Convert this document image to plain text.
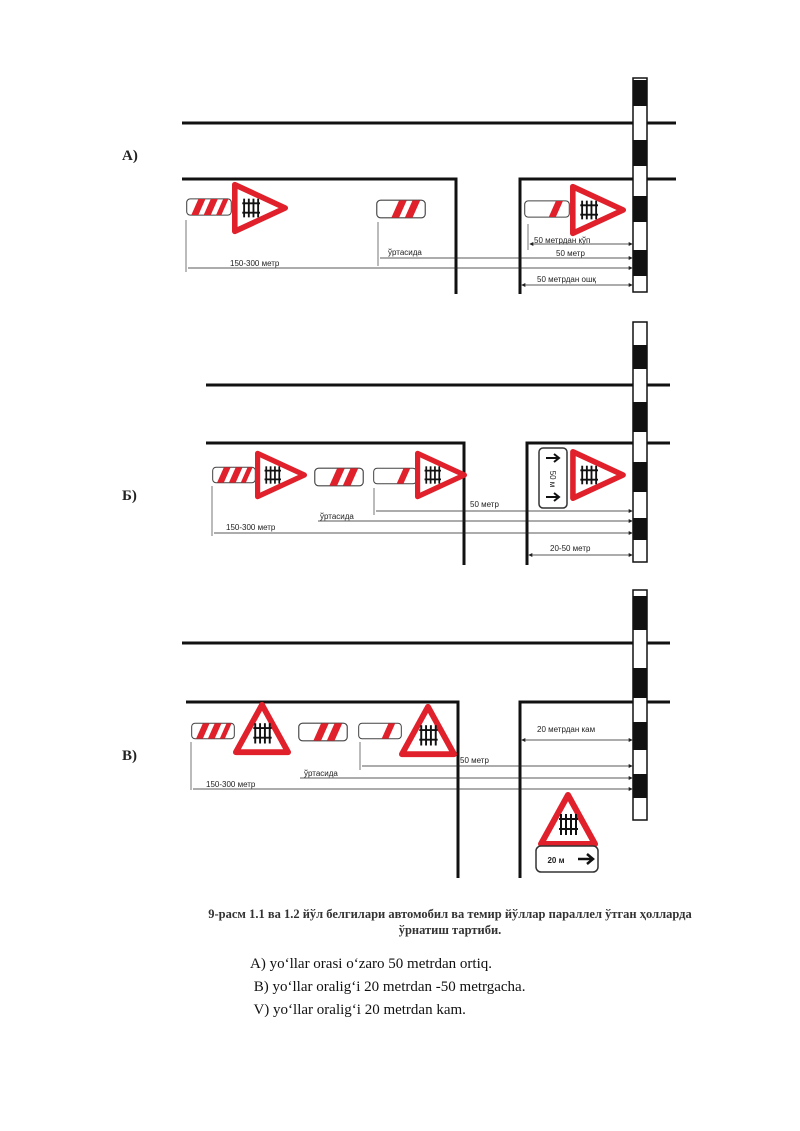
А)
50 метрдан кўп
50 метр
50 метрдан ошқ
150-300 метр
ўртасида
Б)
50 м
50 метр
150-300 метр
ўртасида
20-50 метр
В)
20 метрдан кам
50 метр
150-300 метр
ўртасида
20 м
9-расм 1.1 ва 1.2 йўл белгилари автомобил ва темир йўллар параллел ўтган ҳолларда ўрнатиш тартиби.
A) yo‘llar orasi o‘zaro 50 metrdan ortiq.
B) yo‘llar oralig‘i 20 metrdan -50 metrgacha.
V) yo‘llar oralig‘i 20 metrdan kam.
